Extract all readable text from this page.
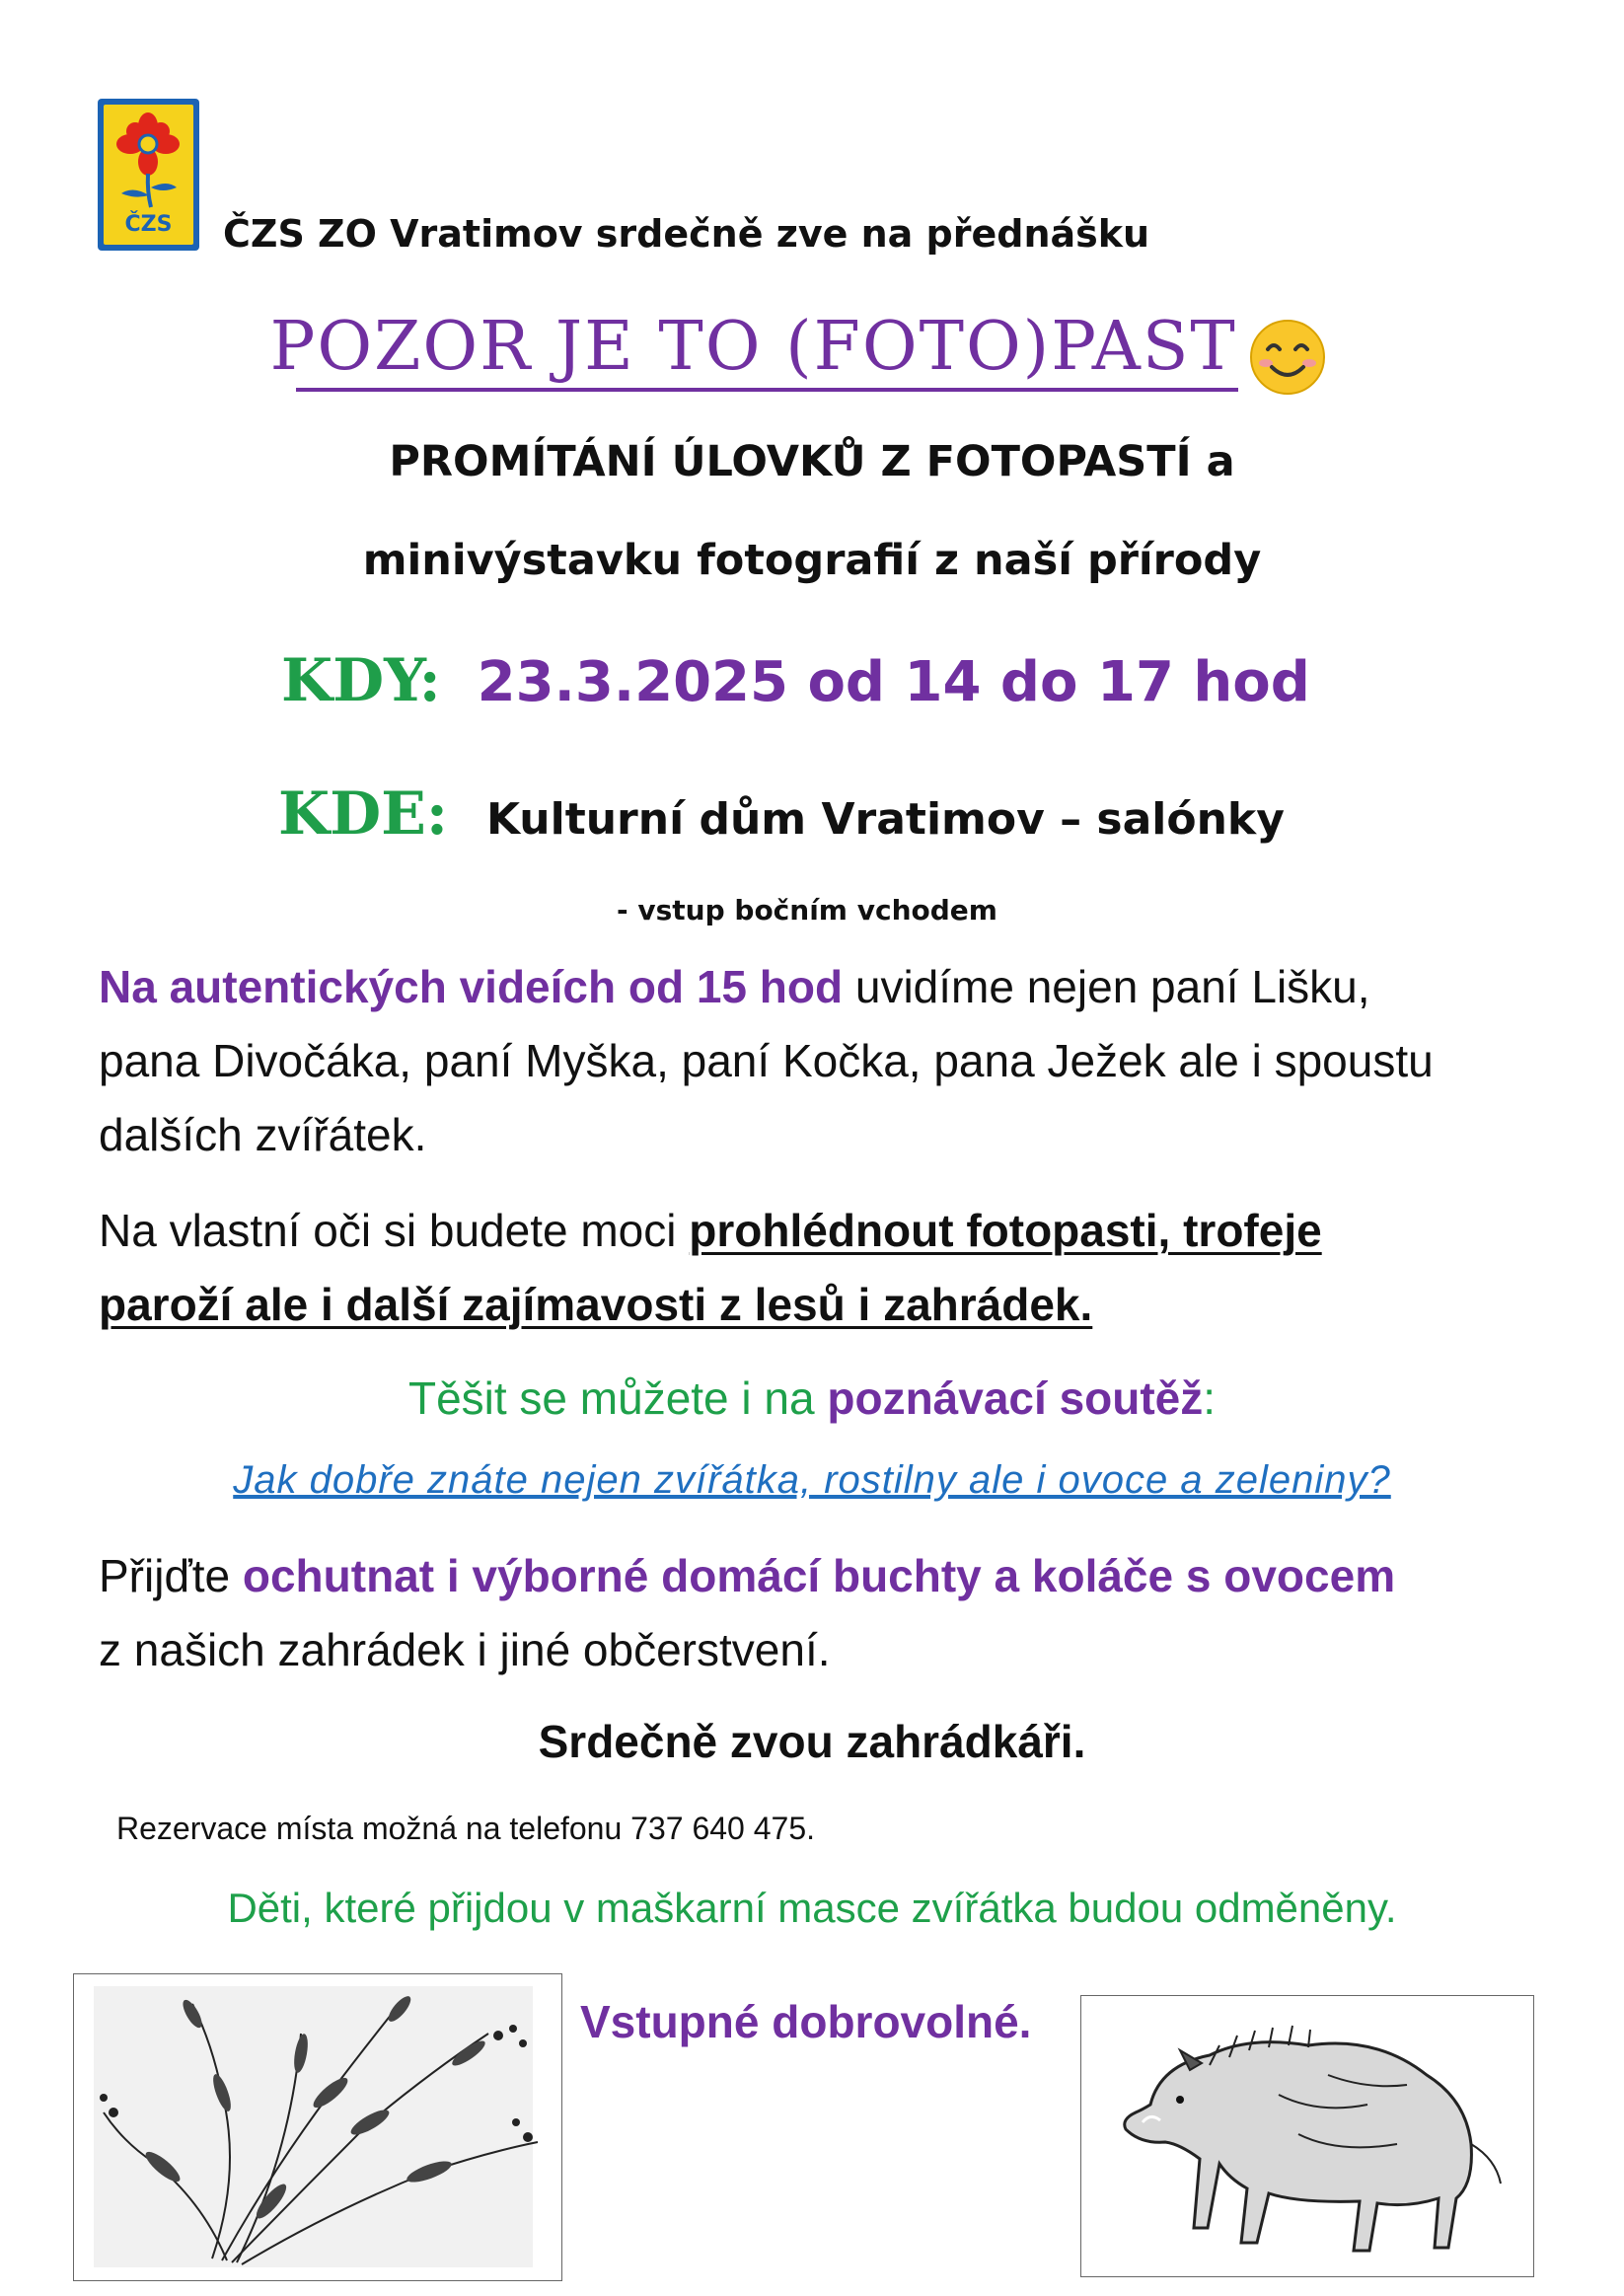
ČZS	ČZS ZO Vratimov srdečně zve na přednášku
POZOR JE TO (FOTO)PAST
PROMÍTÁNÍ ÚLOVKŮ Z FOTOPASTÍ a
minivýstavku fotografií z naší přírody
KDY: 23.3.2025 od 14 do 17 hod
KDE: Kulturní dům Vratimov – salónky
- vstup bočním vchodem
Na autentických videích od 15 hod uvidíme nejen paní Lišku,
pana Divočáka, paní Myška, paní Kočka, pana Ježek ale i spoustu
dalších zvířátek.
Na vlastní oči si budete moci prohlédnout fotopasti, trofeje
paroží ale i další zajímavosti z lesů i zahrádek.
Těšit se můžete i na poznávací soutěž:
Jak dobře znáte nejen zvířátka, rostilny ale i ovoce a zeleniny?
Přijďte ochutnat i výborné domácí buchty a koláče s ovocem
z našich zahrádek i jiné občerstvení.
Srdečně zvou zahrádkáři.
Rezervace místa možná na telefonu 737 640 475.
Děti, které přijdou v maškarní masce zvířátka budou odměněny.
Vstupné dobrovolné.
